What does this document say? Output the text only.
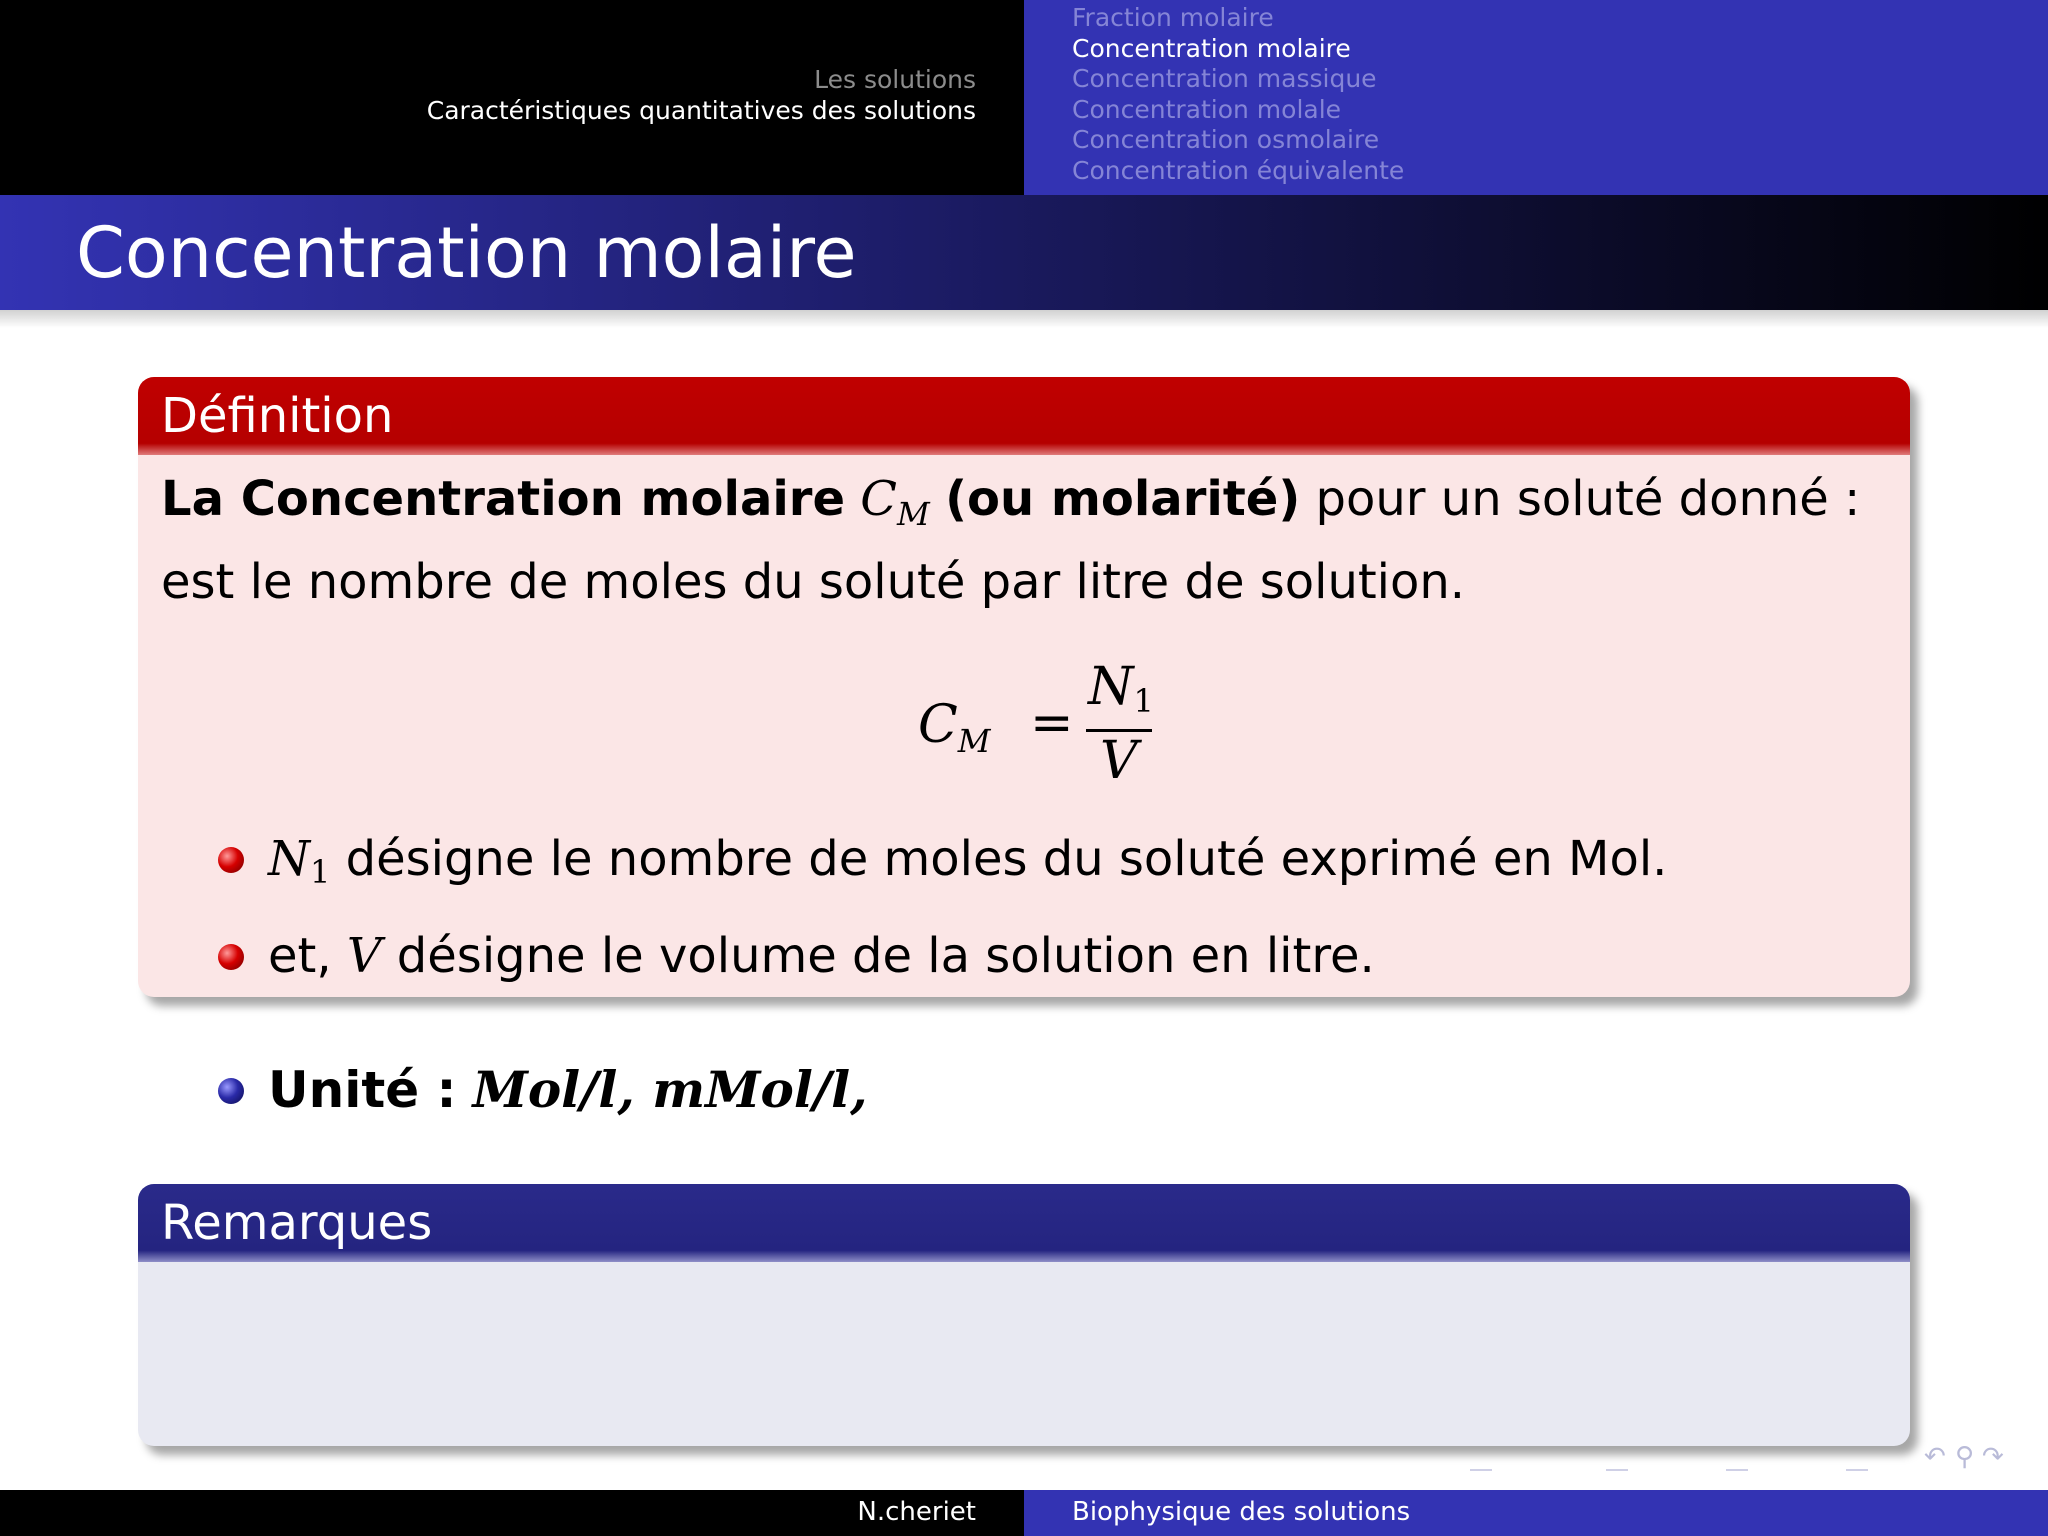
Les solutions
Caractéristiques quantitatives des solutions
Fraction molaire
Concentration molaire
Concentration massique
Concentration molale
Concentration osmolaire
Concentration équivalente
Concentration molaire
Définition
La Concentration molaire $C_M$ (ou molarité) pour un soluté donné :
est le nombre de moles du soluté par litre de solution.
$C_M$ =
N1
V
N1 désigne le nombre de moles du soluté exprimé en Mol.
et, V désigne le volume de la solution en litre.
Unité : Mol/l, mMol/l,
Remarques
↶ ⚲ ↷
N.cheriet	Biophysique des solutions
